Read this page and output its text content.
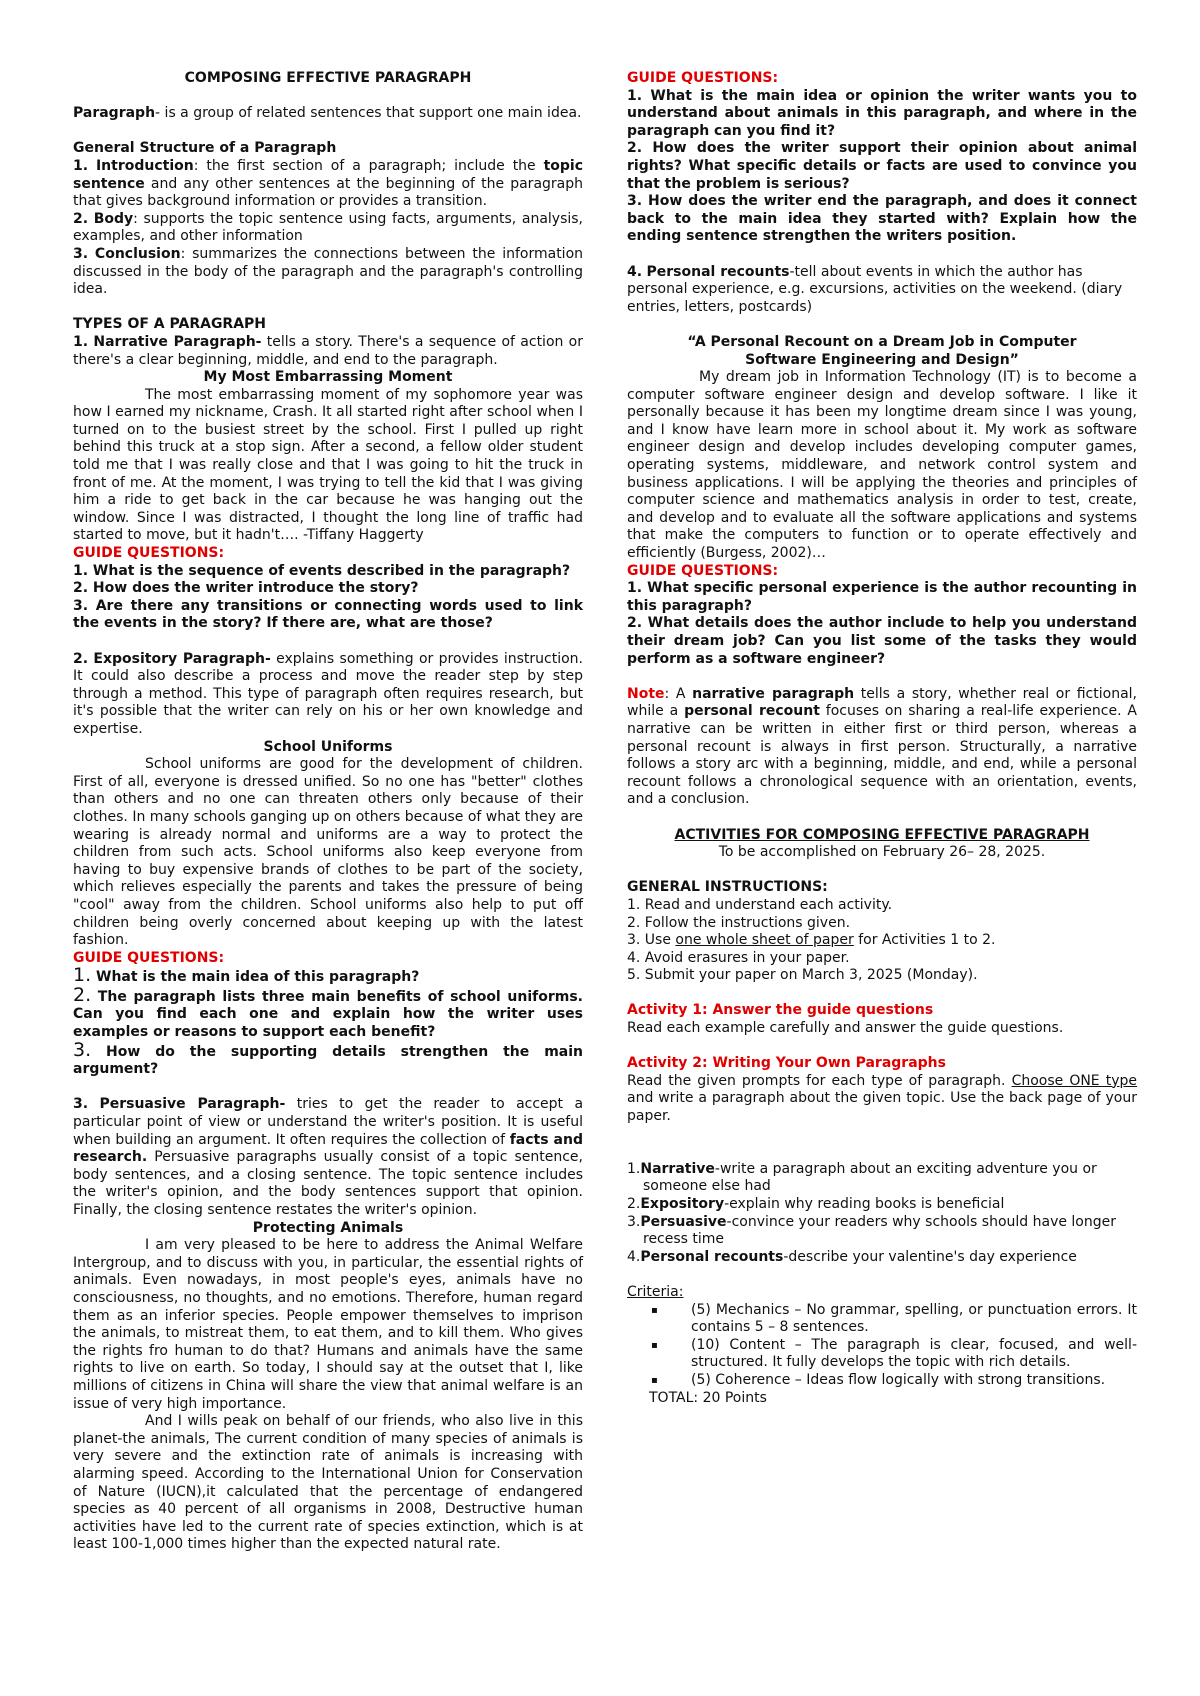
COMPOSING EFFECTIVE PARAGRAPH

Paragraph- is a group of related sentences that support one main idea.

General Structure of a Paragraph

1. Introduction: the first section of a paragraph; include the topic sentence and any other sentences at the beginning of the paragraph that gives background information or provides a transition.

2. Body: supports the topic sentence using facts, arguments, analysis, examples, and other information

3. Conclusion: summarizes the connections between the information discussed in the body of the paragraph and the paragraph's controlling idea.

TYPES OF A PARAGRAPH

1. Narrative Paragraph- tells a story. There's a sequence of action or there's a clear beginning, middle, and end to the paragraph.

My Most Embarrassing Moment

The most embarrassing moment of my sophomore year was how I earned my nickname, Crash. It all started right after school when I turned on to the busiest street by the school. First I pulled up right behind this truck at a stop sign. After a second, a fellow older student told me that I was really close and that I was going to hit the truck in front of me. At the moment, I was trying to tell the kid that I was giving him a ride to get back in the car because he was hanging out the window. Since I was distracted, I thought the long line of traffic had started to move, but it hadn't…. -Tiffany Haggerty

GUIDE QUESTIONS:

1. What is the sequence of events described in the paragraph?

2. How does the writer introduce the story?

3. Are there any transitions or connecting words used to link the events in the story? If there are, what are those?

2. Expository Paragraph- explains something or provides instruction. It could also describe a process and move the reader step by step through a method. This type of paragraph often requires research, but it's possible that the writer can rely on his or her own knowledge and expertise.

School Uniforms

School uniforms are good for the development of children. First of all, everyone is dressed unified. So no one has "better" clothes than others and no one can threaten others only because of their clothes. In many schools ganging up on others because of what they are wearing is already normal and uniforms are a way to protect the children from such acts. School uniforms also keep everyone from having to buy expensive brands of clothes to be part of the society, which relieves especially the parents and takes the pressure of being "cool" away from the children. School uniforms also help to put off children being overly concerned about keeping up with the latest fashion.

GUIDE QUESTIONS:

1. What is the main idea of this paragraph?

2. The paragraph lists three main benefits of school uniforms. Can you find each one and explain how the writer uses examples or reasons to support each benefit?

3. How do the supporting details strengthen the main argument?

3. Persuasive Paragraph- tries to get the reader to accept a particular point of view or understand the writer's position. It is useful when building an argument. It often requires the collection of facts and research. Persuasive paragraphs usually consist of a topic sentence, body sentences, and a closing sentence. The topic sentence includes the writer's opinion, and the body sentences support that opinion. Finally, the closing sentence restates the writer's opinion.

Protecting Animals

I am very pleased to be here to address the Animal Welfare Intergroup, and to discuss with you, in particular, the essential rights of animals. Even nowadays, in most people's eyes, animals have no consciousness, no thoughts, and no emotions. Therefore, human regard them as an inferior species. People empower themselves to imprison the animals, to mistreat them, to eat them, and to kill them. Who gives the rights fro human to do that? Humans and animals have the same rights to live on earth. So today, I should say at the outset that I, like millions of citizens in China will share the view that animal welfare is an issue of very high importance.

And I wills peak on behalf of our friends, who also live in this planet-the animals, The current condition of many species of animals is very severe and the extinction rate of animals is increasing with alarming speed. According to the International Union for Conservation of Nature (IUCN),it calculated that the percentage of endangered species as 40 percent of all organisms in 2008, Destructive human activities have led to the current rate of species extinction, which is at least 100-1,000 times higher than the expected natural rate.

GUIDE QUESTIONS:

1. What is the main idea or opinion the writer wants you to understand about animals in this paragraph, and where in the paragraph can you find it?

2. How does the writer support their opinion about animal rights? What specific details or facts are used to convince you that the problem is serious?

3. How does the writer end the paragraph, and does it connect back to the main idea they started with? Explain how the ending sentence strengthen the writers position.

4. Personal recounts-tell about events in which the author has personal experience, e.g. excursions, activities on the weekend. (diary entries, letters, postcards)

“A Personal Recount on a Dream Job in Computer Software Engineering and Design”

My dream job in Information Technology (IT) is to become a computer software engineer design and develop software. I like it personally because it has been my longtime dream since I was young, and I know have learn more in school about it. My work as software engineer design and develop includes developing computer games, operating systems, middleware, and network control system and business applications. I will be applying the theories and principles of computer science and mathematics analysis in order to test, create, and develop and to evaluate all the software applications and systems that make the computers to function or to operate effectively and efficiently (Burgess, 2002)…

GUIDE QUESTIONS:

1. What specific personal experience is the author recounting in this paragraph?

2. What details does the author include to help you understand their dream job? Can you list some of the tasks they would perform as a software engineer?

Note: A narrative paragraph tells a story, whether real or fictional, while a personal recount focuses on sharing a real-life experience. A narrative can be written in either first or third person, whereas a personal recount is always in first person. Structurally, a narrative follows a story arc with a beginning, middle, and end, while a personal recount follows a chronological sequence with an orientation, events, and a conclusion.

ACTIVITIES FOR COMPOSING EFFECTIVE PARAGRAPH

To be accomplished on February 26– 28, 2025.

GENERAL INSTRUCTIONS:

1. Read and understand each activity.

2. Follow the instructions given.

3. Use one whole sheet of paper for Activities 1 to 2.

4. Avoid erasures in your paper.

5. Submit your paper on March 3, 2025 (Monday).

Activity 1: Answer the guide questions

Read each example carefully and answer the guide questions.

Activity 2: Writing Your Own Paragraphs

Read the given prompts for each type of paragraph. Choose ONE type and write a paragraph about the given topic. Use the back page of your paper.

1.Narrative-write a paragraph about an exciting adventure you or someone else had
2.Expository-explain why reading books is beneficial
3.Persuasive-convince your readers why schools should have longer recess time
4.Personal recounts-describe your valentine's day experience

Criteria:

▪ (5) Mechanics – No grammar, spelling, or punctuation errors. It contains 5 – 8 sentences.
▪ (10) Content – The paragraph is clear, focused, and well-structured. It fully develops the topic with rich details.
▪ (5) Coherence – Ideas flow logically with strong transitions.

TOTAL: 20 Points
